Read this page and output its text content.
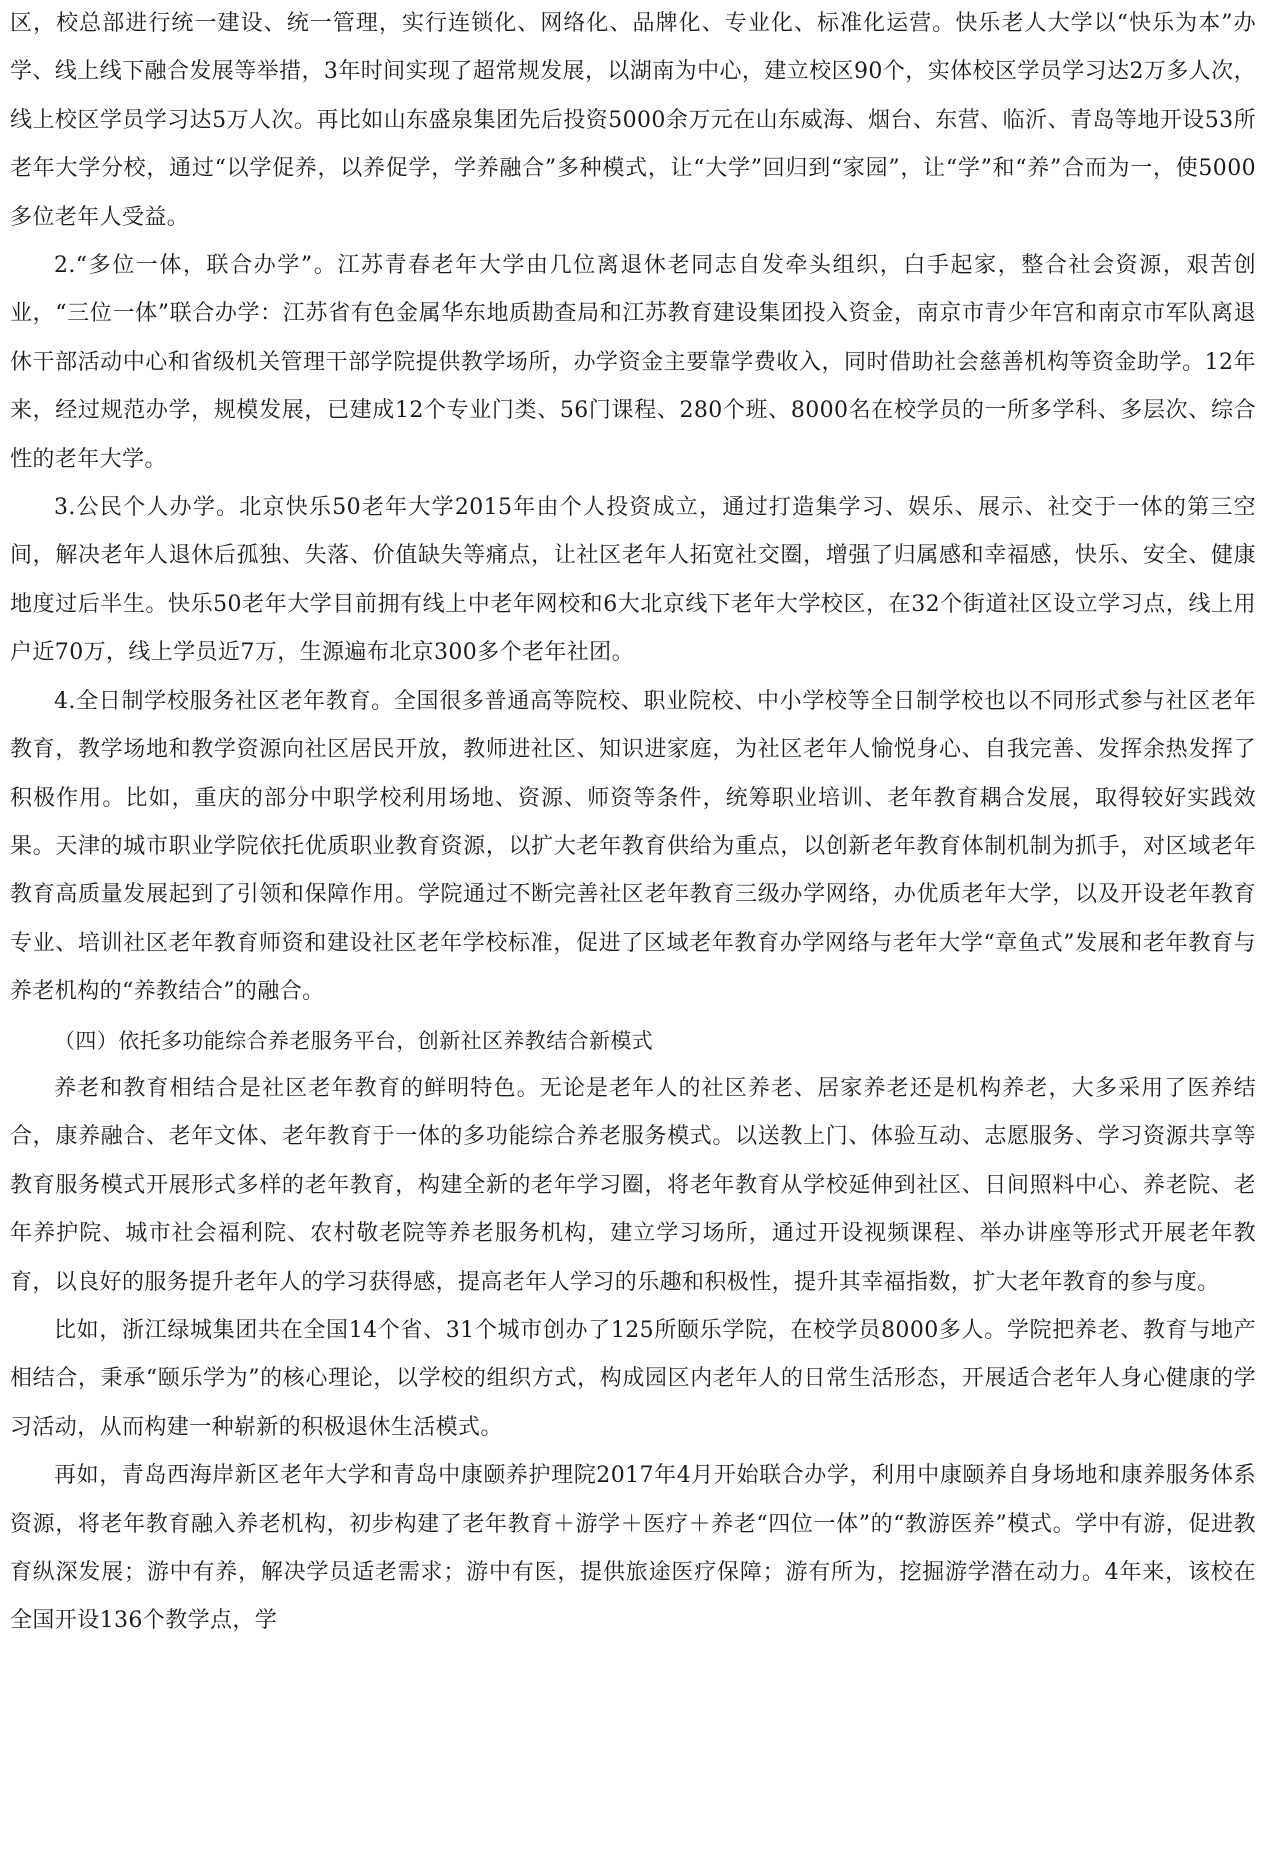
区，校总部进行统一建设、统一管理，实行连锁化、网络化、品牌化、专业化、标准化运营。快乐老人大学以“快乐为本”办学、线上线下融合发展等举措，3年时间实现了超常规发展，以湖南为中心，建立校区90个，实体校区学员学习达2万多人次，线上校区学员学习达5万人次。再比如山东盛泉集团先后投资5000余万元在山东威海、烟台、东营、临沂、青岛等地开设53所老年大学分校，通过“以学促养，以养促学，学养融合”多种模式，让“大学”回归到“家园”，让“学”和“养”合而为一，使5000多位老年人受益。

2.“多位一体，联合办学”。江苏青春老年大学由几位离退休老同志自发牵头组织，白手起家，整合社会资源，艰苦创业，“三位一体”联合办学：江苏省有色金属华东地质勘查局和江苏教育建设集团投入资金，南京市青少年宫和南京市军队离退休干部活动中心和省级机关管理干部学院提供教学场所，办学资金主要靠学费收入，同时借助社会慈善机构等资金助学。12年来，经过规范办学，规模发展，已建成12个专业门类、56门课程、280个班、8000名在校学员的一所多学科、多层次、综合性的老年大学。

3.公民个人办学。北京快乐50老年大学2015年由个人投资成立，通过打造集学习、娱乐、展示、社交于一体的第三空间，解决老年人退休后孤独、失落、价值缺失等痛点，让社区老年人拓宽社交圈，增强了归属感和幸福感，快乐、安全、健康地度过后半生。快乐50老年大学目前拥有线上中老年网校和6大北京线下老年大学校区，在32个街道社区设立学习点，线上用户近70万，线上学员近7万，生源遍布北京300多个老年社团。

4.全日制学校服务社区老年教育。全国很多普通高等院校、职业院校、中小学校等全日制学校也以不同形式参与社区老年教育，教学场地和教学资源向社区居民开放，教师进社区、知识进家庭，为社区老年人愉悦身心、自我完善、发挥余热发挥了积极作用。比如，重庆的部分中职学校利用场地、资源、师资等条件，统筹职业培训、老年教育耦合发展，取得较好实践效果。天津的城市职业学院依托优质职业教育资源，以扩大老年教育供给为重点，以创新老年教育体制机制为抓手，对区域老年教育高质量发展起到了引领和保障作用。学院通过不断完善社区老年教育三级办学网络，办优质老年大学，以及开设老年教育专业、培训社区老年教育师资和建设社区老年学校标准，促进了区域老年教育办学网络与老年大学“章鱼式”发展和老年教育与养老机构的“养教结合”的融合。

（四）依托多功能综合养老服务平台，创新社区养教结合新模式

养老和教育相结合是社区老年教育的鲜明特色。无论是老年人的社区养老、居家养老还是机构养老，大多采用了医养结合，康养融合、老年文体、老年教育于一体的多功能综合养老服务模式。以送教上门、体验互动、志愿服务、学习资源共享等教育服务模式开展形式多样的老年教育，构建全新的老年学习圈，将老年教育从学校延伸到社区、日间照料中心、养老院、老年养护院、城市社会福利院、农村敬老院等养老服务机构，建立学习场所，通过开设视频课程、举办讲座等形式开展老年教育，以良好的服务提升老年人的学习获得感，提高老年人学习的乐趣和积极性，提升其幸福指数，扩大老年教育的参与度。

比如，浙江绿城集团共在全国14个省、31个城市创办了125所颐乐学院，在校学员8000多人。学院把养老、教育与地产相结合，秉承“颐乐学为”的核心理论，以学校的组织方式，构成园区内老年人的日常生活形态，开展适合老年人身心健康的学习活动，从而构建一种崭新的积极退休生活模式。

再如，青岛西海岸新区老年大学和青岛中康颐养护理院2017年4月开始联合办学，利用中康颐养自身场地和康养服务体系资源，将老年教育融入养老机构，初步构建了老年教育＋游学＋医疗＋养老“四位一体”的“教游医养”模式。学中有游，促进教育纵深发展；游中有养，解决学员适老需求；游中有医，提供旅途医疗保障；游有所为，挖掘游学潜在动力。4年来，该校在全国开设136个教学点，学
